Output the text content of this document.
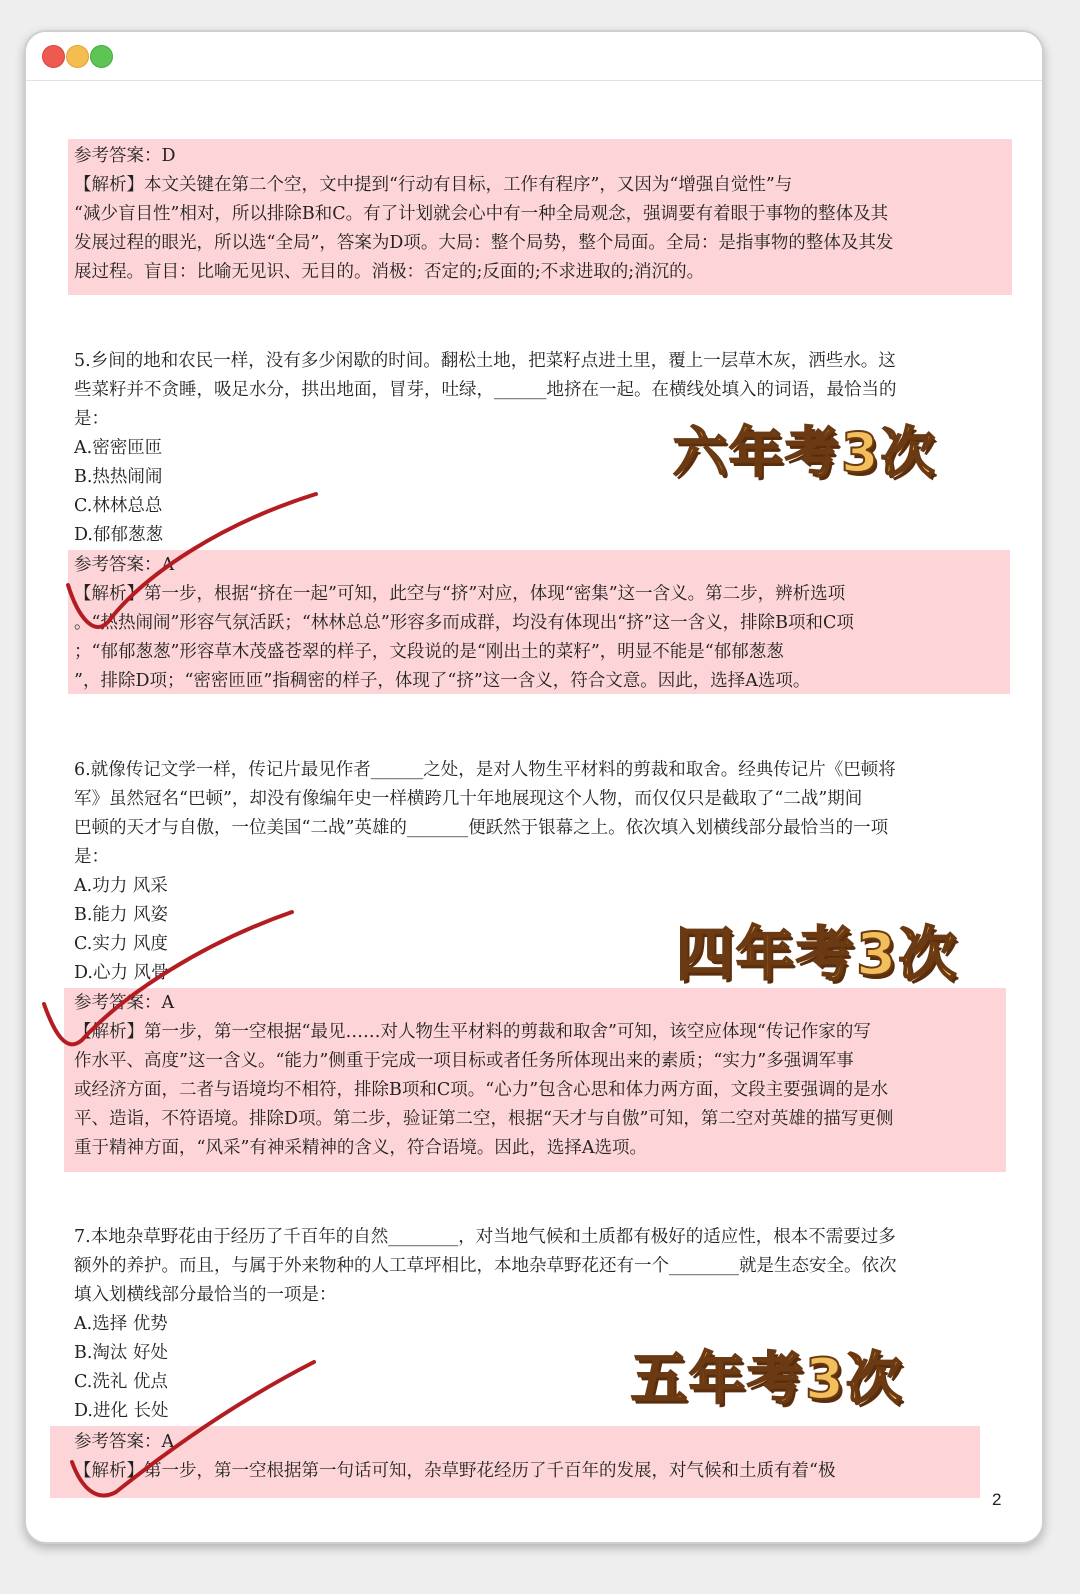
参考答案：D
【解析】本文关键在第二个空，文中提到“行动有目标，工作有程序”，又因为“增强自觉性”与
“减少盲目性”相对，所以排除B和C。有了计划就会心中有一种全局观念，强调要有着眼于事物的整体及其
发展过程的眼光，所以选“全局”，答案为D项。大局：整个局势，整个局面。全局：是指事物的整体及其发
展过程。盲目：比喻无见识、无目的。消极：否定的;反面的;不求进取的;消沉的。
5.乡间的地和农民一样，没有多少闲歇的时间。翻松土地，把菜籽点进土里，覆上一层草木灰，洒些水。这
些菜籽并不贪睡，吸足水分，拱出地面，冒芽，吐绿，______地挤在一起。在横线处填入的词语，最恰当的
是：
A.密密匝匝
B.热热闹闹
C.林林总总
D.郁郁葱葱
六年考3次
参考答案：A
【解析】第一步，根据“挤在一起”可知，此空与“挤”对应，体现“密集”这一含义。第二步，辨析选项
。“热热闹闹”形容气氛活跃；“林林总总”形容多而成群，均没有体现出“挤”这一含义，排除B项和C项
；“郁郁葱葱”形容草木茂盛苍翠的样子，文段说的是“刚出土的菜籽”，明显不能是“郁郁葱葱
”，排除D项；“密密匝匝”指稠密的样子，体现了“挤”这一含义，符合文意。因此，选择A选项。
6.就像传记文学一样，传记片最见作者______之处，是对人物生平材料的剪裁和取舍。经典传记片《巴顿将
军》虽然冠名“巴顿”，却没有像编年史一样横跨几十年地展现这个人物，而仅仅只是截取了“二战”期间
巴顿的天才与自傲，一位美国“二战”英雄的_______便跃然于银幕之上。依次填入划横线部分最恰当的一项
是：
A.功力 风采
B.能力 风姿
C.实力 风度
D.心力 风骨	四年考3次
参考答案：A
【解析】第一步，第一空根据“最见……对人物生平材料的剪裁和取舍”可知，该空应体现“传记作家的写
作水平、高度”这一含义。“能力”侧重于完成一项目标或者任务所体现出来的素质；“实力”多强调军事
或经济方面，二者与语境均不相符，排除B项和C项。“心力”包含心思和体力两方面，文段主要强调的是水
平、造诣，不符语境。排除D项。第二步，验证第二空，根据“天才与自傲”可知，第二空对英雄的描写更侧
重于精神方面，“风采”有神采精神的含义，符合语境。因此，选择A选项。
7.本地杂草野花由于经历了千百年的自然________，对当地气候和土质都有极好的适应性，根本不需要过多
额外的养护。而且，与属于外来物种的人工草坪相比，本地杂草野花还有一个________就是生态安全。依次
填入划横线部分最恰当的一项是：
A.选择 优势
B.淘汰 好处
C.洗礼 优点
D.进化 长处	五年考3次
参考答案：A
【解析】第一步，第一空根据第一句话可知，杂草野花经历了千百年的发展，对气候和土质有着“极
2
